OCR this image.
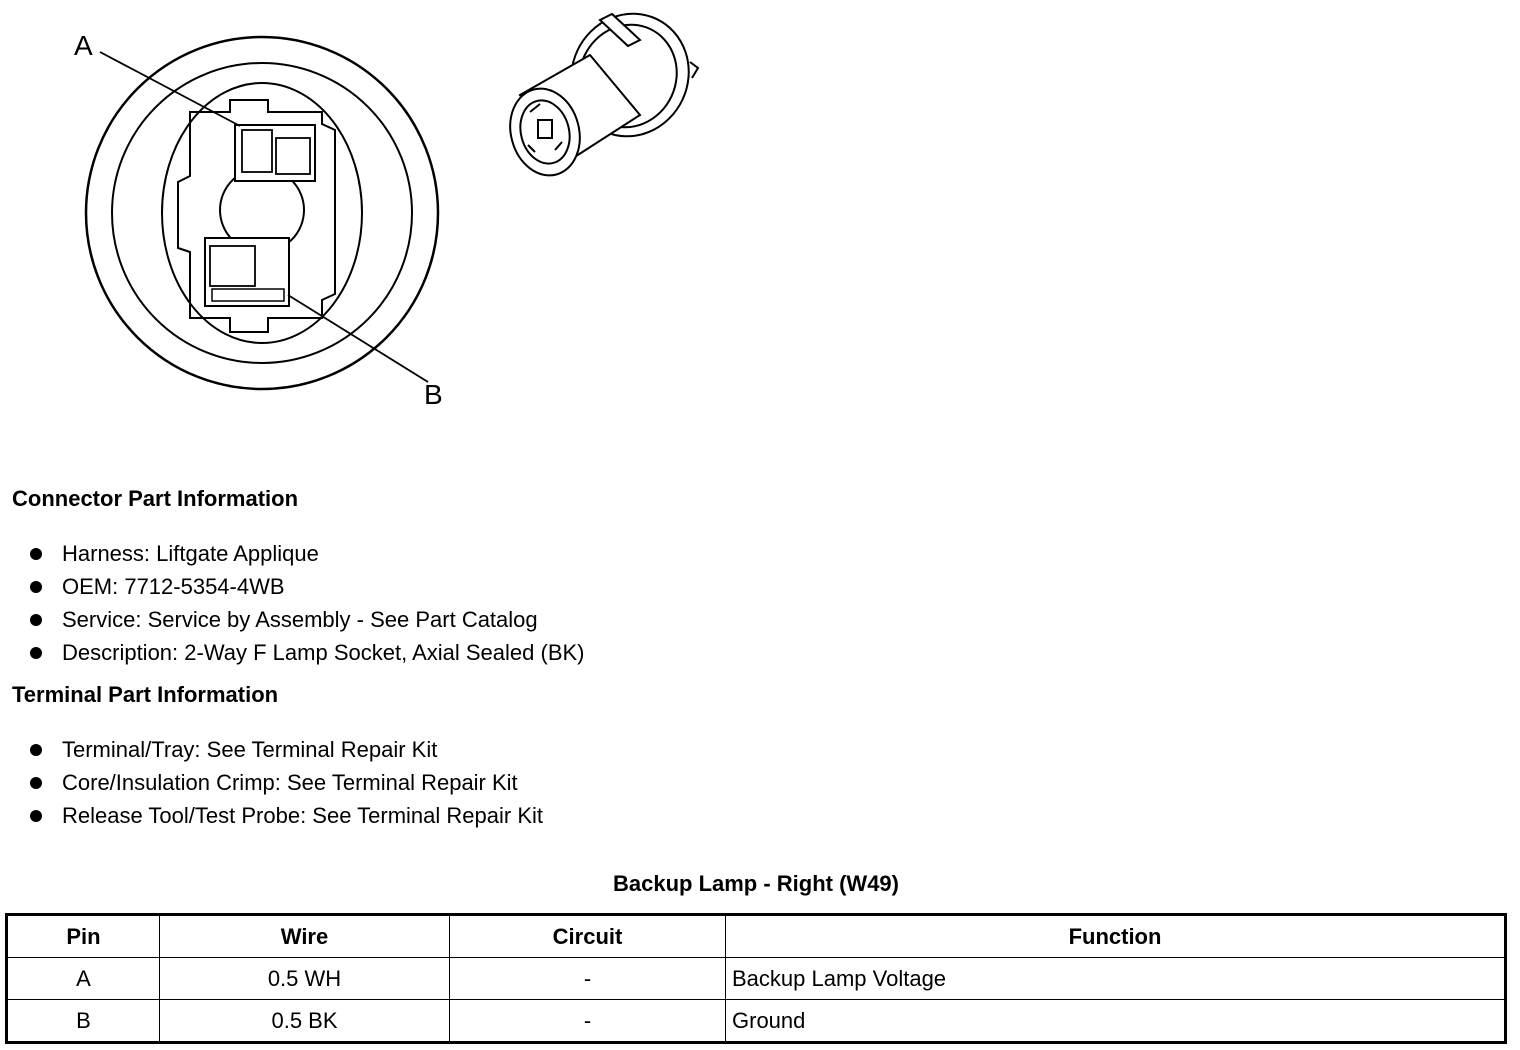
A
B
Connector Part Information
Harness: Liftgate Applique
OEM: 7712-5354-4WB
Service: Service by Assembly - See Part Catalog
Description: 2-Way F Lamp Socket, Axial Sealed (BK)
Terminal Part Information
Terminal/Tray: See Terminal Repair Kit
Core/Insulation Crimp: See Terminal Repair Kit
Release Tool/Test Probe: See Terminal Repair Kit
Backup Lamp - Right (W49)
Pin	Wire	Circuit	Function
A	0.5 WH	-	Backup Lamp Voltage
B	0.5 BK	-	Ground
